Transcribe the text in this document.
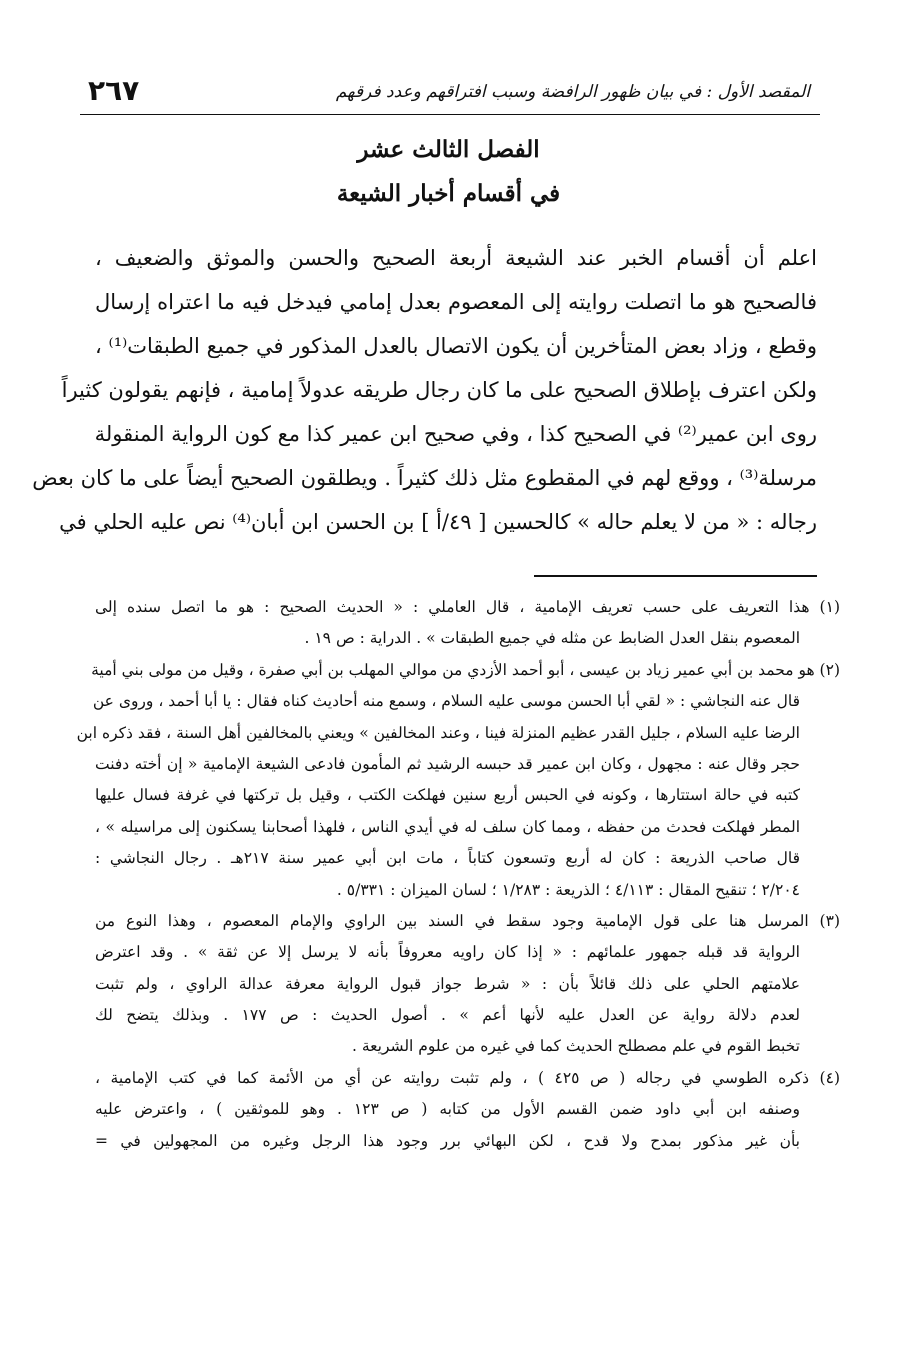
٢٦٧	المقصد الأول : في بيان ظهور الرافضة وسبب افتراقهم وعدد فرقهم
الفصل الثالث عشر
في أقسام أخبار الشيعة
اعلم أن أقسام الخبر عند الشيعة أربعة الصحيح والحسن والموثق والضعيف ،
فالصحيح هو ما اتصلت روايته إلى المعصوم بعدل إمامي فيدخل فيه ما اعتراه إرسال
وقطع ، وزاد بعض المتأخرين أن يكون الاتصال بالعدل المذكور في جميع الطبقات⁽¹⁾ ،
ولكن اعترف بإطلاق الصحيح على ما كان رجال طريقه عدولاً إمامية ، فإنهم يقولون كثيراً
روى ابن عمير⁽²⁾ في الصحيح كذا ، وفي صحيح ابن عمير كذا مع كون الرواية المنقولة
مرسلة⁽³⁾ ، ووقع لهم في المقطوع مثل ذلك كثيراً . ويطلقون الصحيح أيضاً على ما كان بعض
رجاله : « من لا يعلم حاله » كالحسين [ ٤٩/أ ] بن الحسن ابن أبان⁽⁴⁾ نص عليه الحلي في
(١) هذا التعريف على حسب تعريف الإمامية ، قال العاملي : « الحديث الصحيح : هو ما اتصل سنده إلى
المعصوم بنقل العدل الضابط عن مثله في جميع الطبقات » . الدراية : ص ١٩ .
(٢) هو محمد بن أبي عمير زياد بن عيسى ، أبو أحمد الأزدي من موالي المهلب بن أبي صفرة ، وقيل من مولى بني أمية
قال عنه النجاشي : « لقي أبا الحسن موسى عليه السلام ، وسمع منه أحاديث كناه فقال : يا أبا أحمد ، وروى عن
الرضا عليه السلام ، جليل القدر عظيم المنزلة فينا ، وعند المخالفين » ويعني بالمخالفين أهل السنة ، فقد ذكره ابن
حجر وقال عنه : مجهول ، وكان ابن عمير قد حبسه الرشيد ثم المأمون فادعى الشيعة الإمامية « إن أخته دفنت
كتبه في حالة استتارها ، وكونه في الحبس أربع سنين فهلكت الكتب ، وقيل بل تركتها في غرفة فسال عليها
المطر فهلكت فحدث من حفظه ، ومما كان سلف له في أيدي الناس ، فلهذا أصحابنا يسكنون إلى مراسيله » ،
قال صاحب الذريعة : كان له أربع وتسعون كتاباً ، مات ابن أبي عمير سنة ٢١٧هـ . رجال النجاشي :
٢/٢٠٤ ؛ تنقيح المقال : ٤/١١٣ ؛ الذريعة : ١/٢٨٣ ؛ لسان الميزان : ٥/٣٣١ .
(٣) المرسل هنا على قول الإمامية وجود سقط في السند بين الراوي والإمام المعصوم ، وهذا النوع من
الرواية قد قبله جمهور علمائهم : « إذا كان راويه معروفاً بأنه لا يرسل إلا عن ثقة » . وقد اعترض
علامتهم الحلي على ذلك قائلاً بأن : « شرط جواز قبول الرواية معرفة عدالة الراوي ، ولم تثبت
لعدم دلالة رواية عن العدل عليه لأنها أعم » . أصول الحديث : ص ١٧٧ . وبذلك يتضح لك
تخبط القوم في علم مصطلح الحديث كما في غيره من علوم الشريعة .
(٤) ذكره الطوسي في رجاله ( ص ٤٢٥ ) ، ولم تثبت روايته عن أي من الأئمة كما في كتب الإمامية ،
وصنفه ابن أبي داود ضمن القسم الأول من كتابه ( ص ١٢٣ . وهو للموثقين ) ، واعترض عليه
بأن غير مذكور بمدح ولا قدح ، لكن البهائي برر وجود هذا الرجل وغيره من المجهولين في =
